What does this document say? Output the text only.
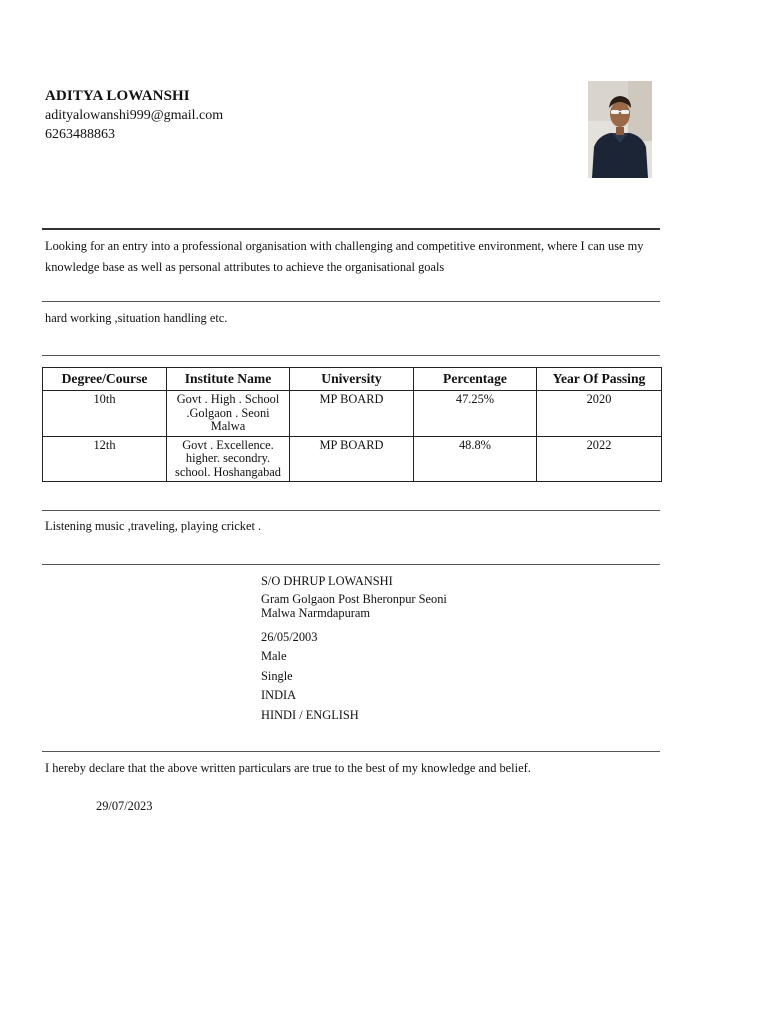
ADITYA LOWANSHI
adityalowanshi999@gmail.com
6263488863
Looking for an entry into a professional organisation with challenging and competitive environment, where I can use my knowledge base as well as personal attributes to achieve the organisational goals
hard working ,situation handling etc.
Degree/Course	Institute Name	University	Percentage	Year Of Passing
10th	Govt . High . School .Golgaon . Seoni Malwa	MP BOARD	47.25%	2020
12th	Govt . Excellence. higher. secondry. school. Hoshangabad	MP BOARD	48.8%	2022
Listening music ,traveling, playing cricket .
S/O DHRUP LOWANSHI
Gram Golgaon Post Bheronpur Seoni
Malwa Narmdapuram
26/05/2003
Male
Single
INDIA
HINDI / ENGLISH
I hereby declare that the above written particulars are true to the best of my knowledge and belief.
29/07/2023
